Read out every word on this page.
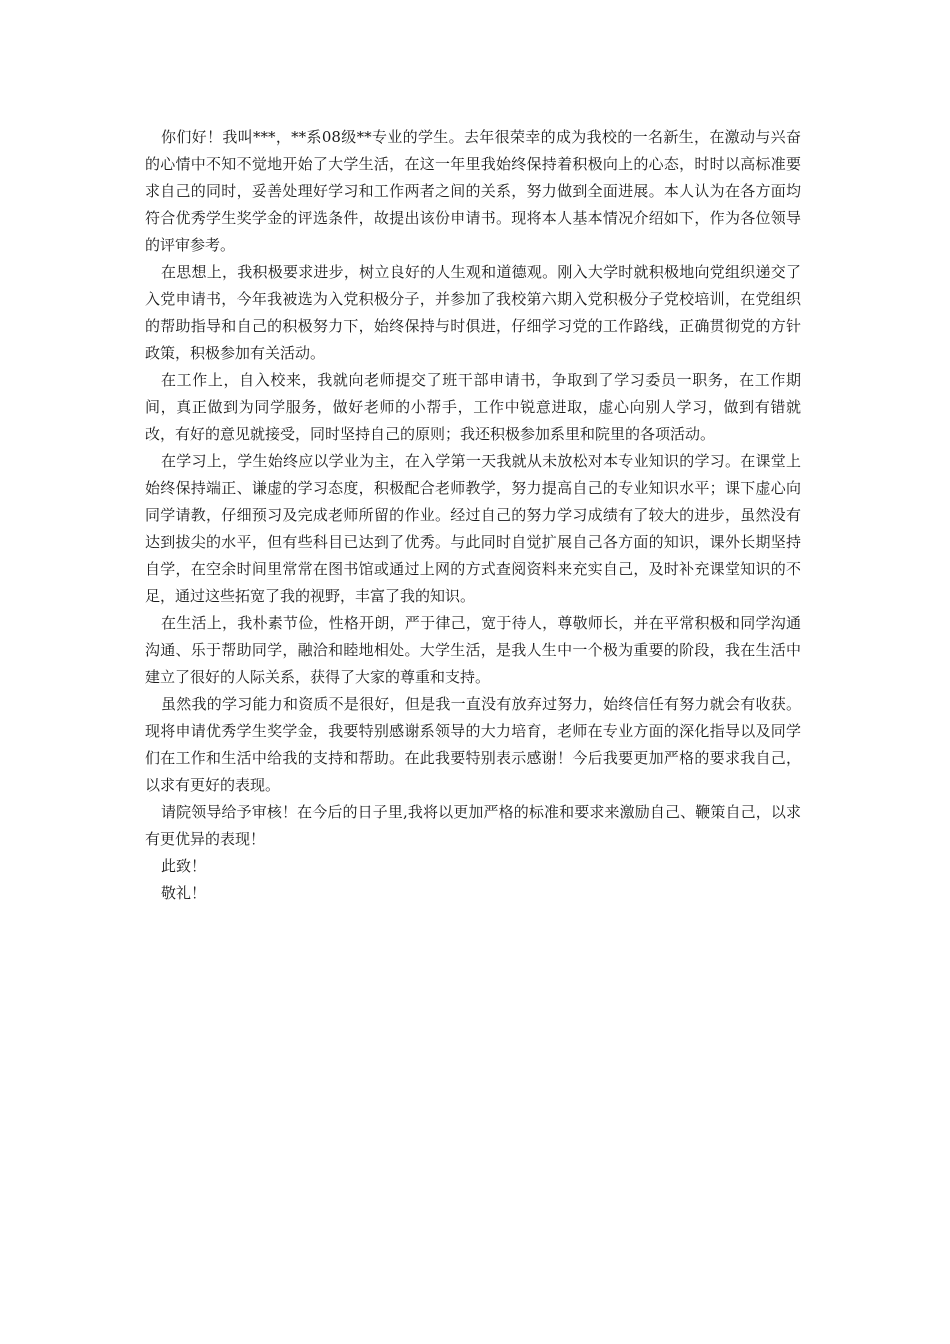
你们好！我叫***，**系08级**专业的学生。去年很荣幸的成为我校的一名新生，在激动与兴奋的心情中不知不觉地开始了大学生活，在这一年里我始终保持着积极向上的心态，时时以高标准要求自己的同时，妥善处理好学习和工作两者之间的关系，努力做到全面进展。本人认为在各方面均符合优秀学生奖学金的评选条件，故提出该份申请书。现将本人基本情况介绍如下，作为各位领导的评审参考。

在思想上，我积极要求进步，树立良好的人生观和道德观。刚入大学时就积极地向党组织递交了入党申请书，今年我被选为入党积极分子，并参加了我校第六期入党积极分子党校培训，在党组织的帮助指导和自己的积极努力下，始终保持与时俱进，仔细学习党的工作路线，正确贯彻党的方针政策，积极参加有关活动。

在工作上，自入校来，我就向老师提交了班干部申请书，争取到了学习委员一职务，在工作期间，真正做到为同学服务，做好老师的小帮手，工作中锐意进取，虚心向别人学习，做到有错就改，有好的意见就接受，同时坚持自己的原则；我还积极参加系里和院里的各项活动。

在学习上，学生始终应以学业为主，在入学第一天我就从未放松对本专业知识的学习。在课堂上始终保持端正、谦虚的学习态度，积极配合老师教学，努力提高自己的专业知识水平；课下虚心向同学请教，仔细预习及完成老师所留的作业。经过自己的努力学习成绩有了较大的进步，虽然没有达到拔尖的水平，但有些科目已达到了优秀。与此同时自觉扩展自己各方面的知识，课外长期坚持自学，在空余时间里常常在图书馆或通过上网的方式查阅资料来充实自己，及时补充课堂知识的不足，通过这些拓宽了我的视野，丰富了我的知识。

在生活上，我朴素节俭，性格开朗，严于律己，宽于待人，尊敬师长，并在平常积极和同学沟通沟通、乐于帮助同学，融洽和睦地相处。大学生活，是我人生中一个极为重要的阶段，我在生活中建立了很好的人际关系，获得了大家的尊重和支持。

虽然我的学习能力和资质不是很好，但是我一直没有放弃过努力，始终信任有努力就会有收获。现将申请优秀学生奖学金，我要特别感谢系领导的大力培育，老师在专业方面的深化指导以及同学们在工作和生活中给我的支持和帮助。在此我要特别表示感谢！今后我要更加严格的要求我自己，以求有更好的表现。

请院领导给予审核！在今后的日子里,我将以更加严格的标准和要求来激励自己、鞭策自己，以求有更优异的表现！

此致！

敬礼！
